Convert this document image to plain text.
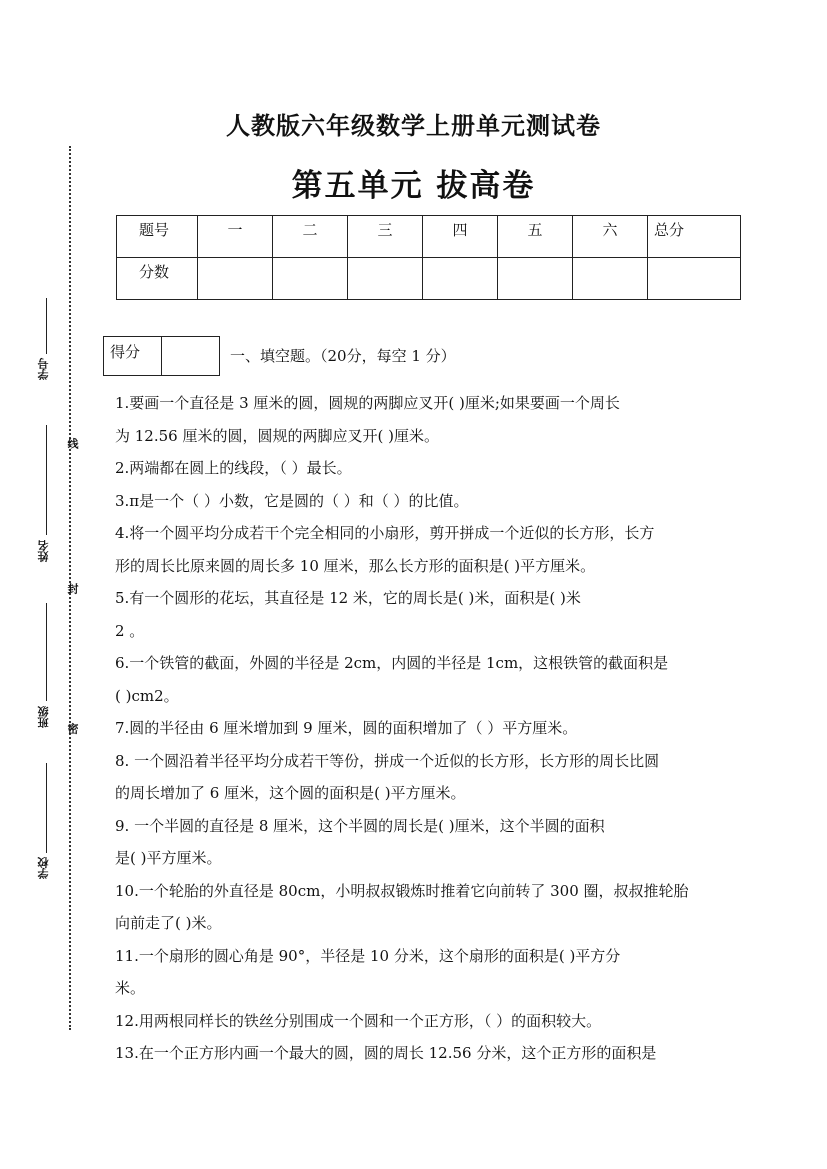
学号
姓名
班级
学校
线
封
密
人教版六年级数学上册单元测试卷
第五单元 拔高卷
题号	一	二	三	四	五	六	总分
分数							
得分		一、填空题。（20分，每空 1 分）

1.要画一个直径是 3 厘米的圆，圆规的两脚应叉开( )厘米;如果要画一个周长

为 12.56 厘米的圆，圆规的两脚应叉开( )厘米。

2.两端都在圆上的线段，（ ）最长。

3.π是一个（ ）小数，它是圆的（ ）和（ ）的比值。

4.将一个圆平均分成若干个完全相同的小扇形，剪开拼成一个近似的长方形，长方

形的周长比原来圆的周长多 10 厘米，那么长方形的面积是( )平方厘米。

5.有一个圆形的花坛，其直径是 12 米，它的周长是( )米，面积是( )米

2 。

6.一个铁管的截面，外圆的半径是 2cm，内圆的半径是 1cm，这根铁管的截面积是

( )cm2。

7.圆的半径由 6 厘米增加到 9 厘米，圆的面积增加了（ ）平方厘米。

8. 一个圆沿着半径平均分成若干等份，拼成一个近似的长方形，长方形的周长比圆

的周长增加了 6 厘米，这个圆的面积是( )平方厘米。

9. 一个半圆的直径是 8 厘米，这个半圆的周长是( )厘米，这个半圆的面积

是( )平方厘米。

10.一个轮胎的外直径是 80cm，小明叔叔锻炼时推着它向前转了 300 圈，叔叔推轮胎

向前走了( )米。

11.一个扇形的圆心角是 90°，半径是 10 分米，这个扇形的面积是( )平方分

米。

12.用两根同样长的铁丝分别围成一个圆和一个正方形，（ ）的面积较大。

13.在一个正方形内画一个最大的圆，圆的周长 12.56 分米，这个正方形的面积是
